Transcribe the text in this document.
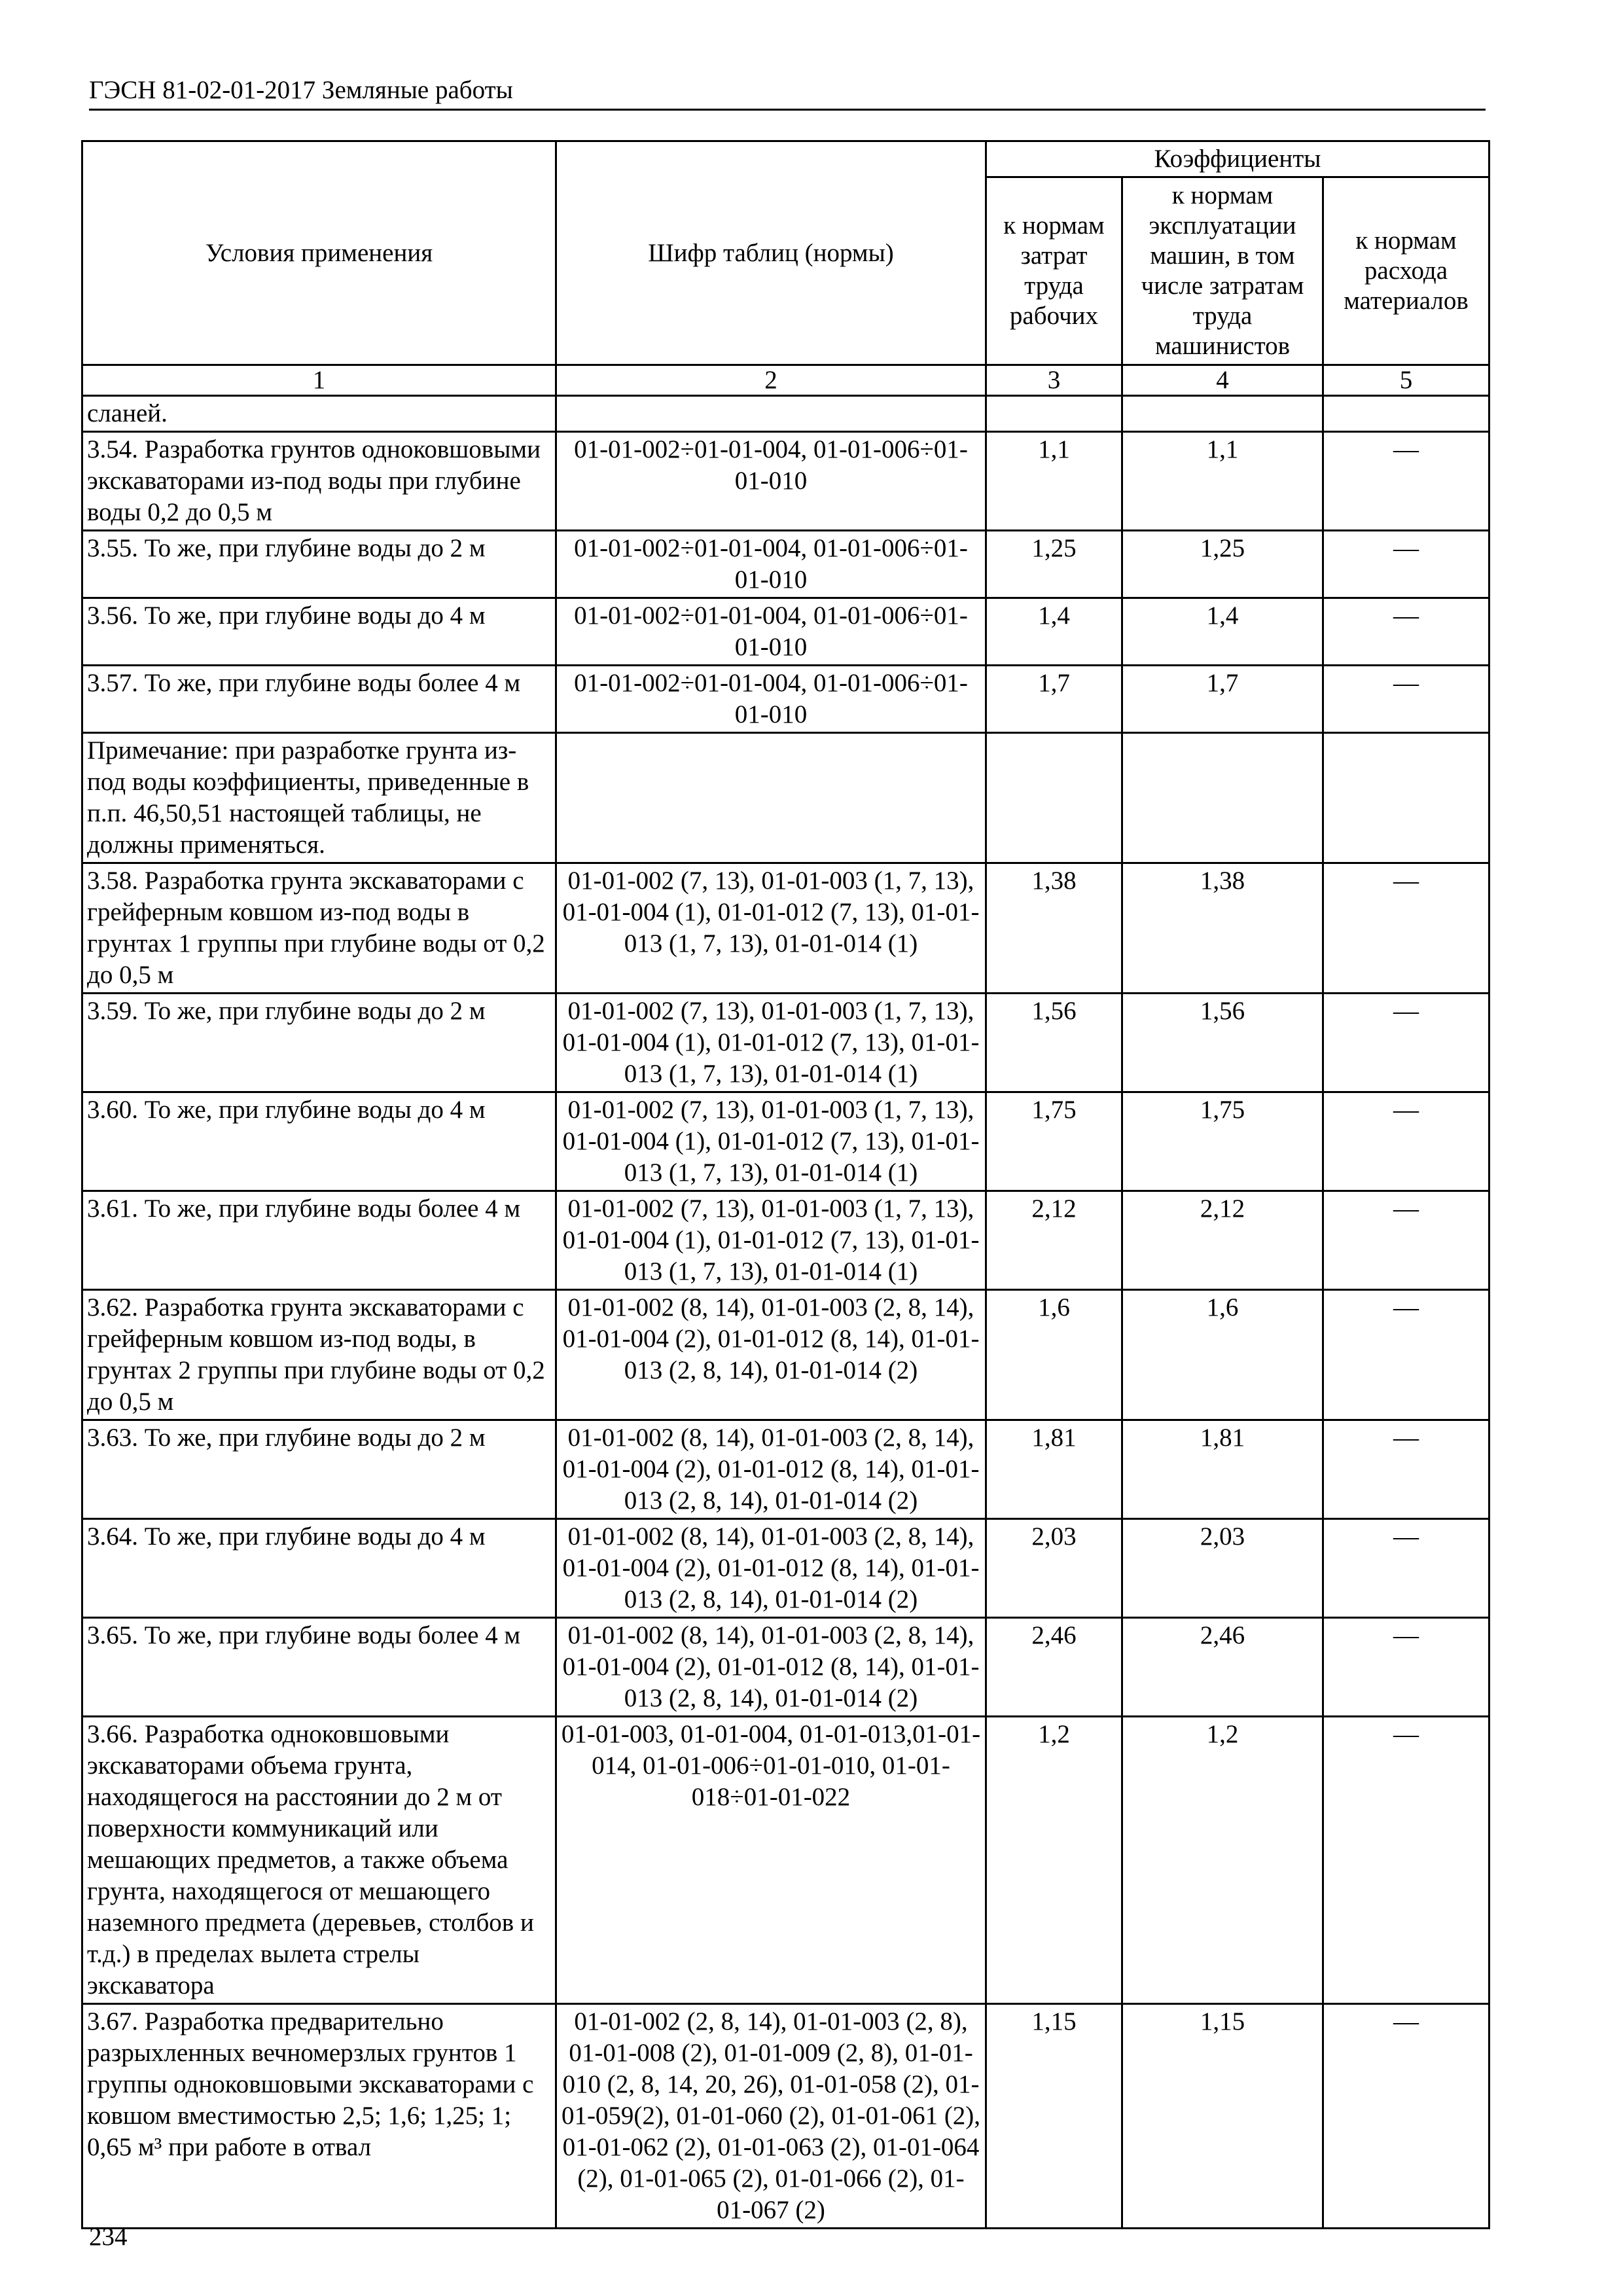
ГЭСН 81-02-01-2017 Земляные работы
Условия применения	Шифр таблиц (нормы)	Коэффициенты		
		к нормам затрат труда рабочих	к нормам эксплуатации машин, в том числе затратам труда машинистов	к нормам расхода материалов
1	2	3	4	5
сланей.				
3.54. Разработка грунтов одноковшовыми экскаваторами из-под воды при глубине воды 0,2 до 0,5 м	01-01-002÷01-01-004, 01-01-006÷01-01-010	1,1	1,1	—
3.55. То же, при глубине воды до 2 м	01-01-002÷01-01-004, 01-01-006÷01-01-010	1,25	1,25	—
3.56. То же, при глубине воды до 4 м	01-01-002÷01-01-004, 01-01-006÷01-01-010	1,4	1,4	—
3.57. То же, при глубине воды более 4 м	01-01-002÷01-01-004, 01-01-006÷01-01-010	1,7	1,7	—
Примечание: при разработке грунта из-под воды коэффициенты, приведенные в п.п. 46,50,51 настоящей таблицы, не должны применяться.				
3.58. Разработка грунта экскаваторами с грейферным ковшом из-под воды в грунтах 1 группы при глубине воды от 0,2 до 0,5 м	01-01-002 (7, 13), 01-01-003 (1, 7, 13), 01-01-004 (1), 01-01-012 (7, 13), 01-01-013 (1, 7, 13), 01-01-014 (1)	1,38	1,38	—
3.59. То же, при глубине воды до 2 м	01-01-002 (7, 13), 01-01-003 (1, 7, 13), 01-01-004 (1), 01-01-012 (7, 13), 01-01-013 (1, 7, 13), 01-01-014 (1)	1,56	1,56	—
3.60. То же, при глубине воды до 4 м	01-01-002 (7, 13), 01-01-003 (1, 7, 13), 01-01-004 (1), 01-01-012 (7, 13), 01-01-013 (1, 7, 13), 01-01-014 (1)	1,75	1,75	—
3.61. То же, при глубине воды более 4 м	01-01-002 (7, 13), 01-01-003 (1, 7, 13), 01-01-004 (1), 01-01-012 (7, 13), 01-01-013 (1, 7, 13), 01-01-014 (1)	2,12	2,12	—
3.62. Разработка грунта экскаваторами с грейферным ковшом из-под воды, в грунтах 2 группы при глубине воды от 0,2 до 0,5 м	01-01-002 (8, 14), 01-01-003 (2, 8, 14), 01-01-004 (2), 01-01-012 (8, 14), 01-01-013 (2, 8, 14), 01-01-014 (2)	1,6	1,6	—
3.63. То же, при глубине воды до 2 м	01-01-002 (8, 14), 01-01-003 (2, 8, 14), 01-01-004 (2), 01-01-012 (8, 14), 01-01-013 (2, 8, 14), 01-01-014 (2)	1,81	1,81	—
3.64. То же, при глубине воды до 4 м	01-01-002 (8, 14), 01-01-003 (2, 8, 14), 01-01-004 (2), 01-01-012 (8, 14), 01-01-013 (2, 8, 14), 01-01-014 (2)	2,03	2,03	—
3.65. То же, при глубине воды более 4 м	01-01-002 (8, 14), 01-01-003 (2, 8, 14), 01-01-004 (2), 01-01-012 (8, 14), 01-01-013 (2, 8, 14), 01-01-014 (2)	2,46	2,46	—
3.66. Разработка одноковшовыми экскаваторами объема грунта, находящегося на расстоянии до 2 м от поверхности коммуникаций или мешающих предметов, а также объема грунта, находящегося от мешающего наземного предмета (деревьев, столбов и т.д.) в пределах вылета стрелы экскаватора	01-01-003, 01-01-004, 01-01-013,01-01-014, 01-01-006÷01-01-010, 01-01-018÷01-01-022	1,2	1,2	—
3.67. Разработка предварительно разрыхленных вечномерзлых грунтов 1 группы одноковшовыми экскаваторами с ковшом вместимостью 2,5; 1,6; 1,25; 1; 0,65 м³ при работе в отвал	01-01-002 (2, 8, 14), 01-01-003 (2, 8), 01-01-008 (2), 01-01-009 (2, 8), 01-01-010 (2, 8, 14, 20, 26), 01-01-058 (2), 01-01-059(2), 01-01-060 (2), 01-01-061 (2), 01-01-062 (2), 01-01-063 (2), 01-01-064 (2), 01-01-065 (2), 01-01-066 (2), 01-01-067 (2)	1,15	1,15	—
234
